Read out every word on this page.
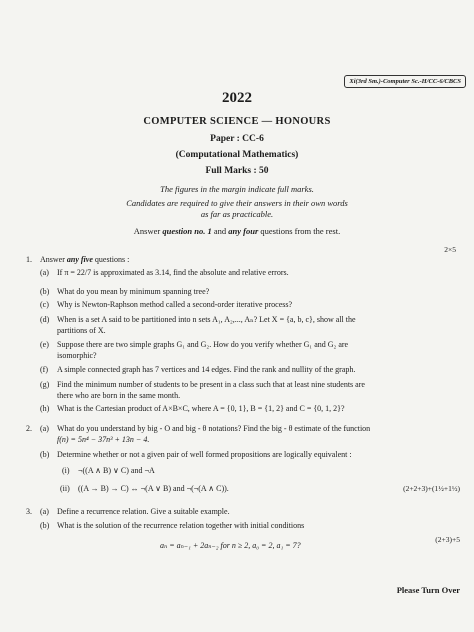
Xi(3rd Sm.)-Computer Sc.-H/CC-6/CBCS
2022
COMPUTER SCIENCE — HONOURS
Paper : CC-6
(Computational Mathematics)
Full Marks : 50
The figures in the margin indicate full marks.
Candidates are required to give their answers in their own words
as far as practicable.
Answer question no. 1 and any four questions from the rest.
1. Answer any five questions :
2×5
(a) If π = 22/7 is approximated as 3.14, find the absolute and relative errors.
(b) What do you mean by minimum spanning tree?
(c) Why is Newton-Raphson method called a second-order iterative process?
(d) When is a set A said to be partitioned into n sets A₁, A₂,..., Aₙ? Let X = {a, b, c}, show all the
partitions of X.
(e) Suppose there are two simple graphs G₁ and G₂. How do you verify whether G₁ and G₂ are
isomorphic?
(f) A simple connected graph has 7 vertices and 14 edges. Find the rank and nullity of the graph.
(g) Find the minimum number of students to be present in a class such that at least nine students are
there who are born in the same month.
(h) What is the Cartesian product of A×B×C, where A = {0, 1}, B = {1, 2} and C = {0, 1, 2}?
2. (a) What do you understand by big - O and big - θ notations? Find the big - θ estimate of the function
f(n) = 5n⁴ − 37n³ + 13n − 4.
(b) Determine whether or not a given pair of well formed propositions are logically equivalent :
(i) ¬((A ∧ B) ∨ C) and ¬A
(ii) ((A → B) → C) ↔ ¬(A ∨ B) and ¬(¬(A ∧ C)).	(2+2+3)+(1½+1½)
3. (a) Define a recurrence relation. Give a suitable example.
(b) What is the solution of the recurrence relation together with initial conditions
aₙ = aₙ₋₁ + 2aₙ₋₂ for n ≥ 2, a₀ = 2, a₁ = 7?
(2+3)+5
Please Turn Over
